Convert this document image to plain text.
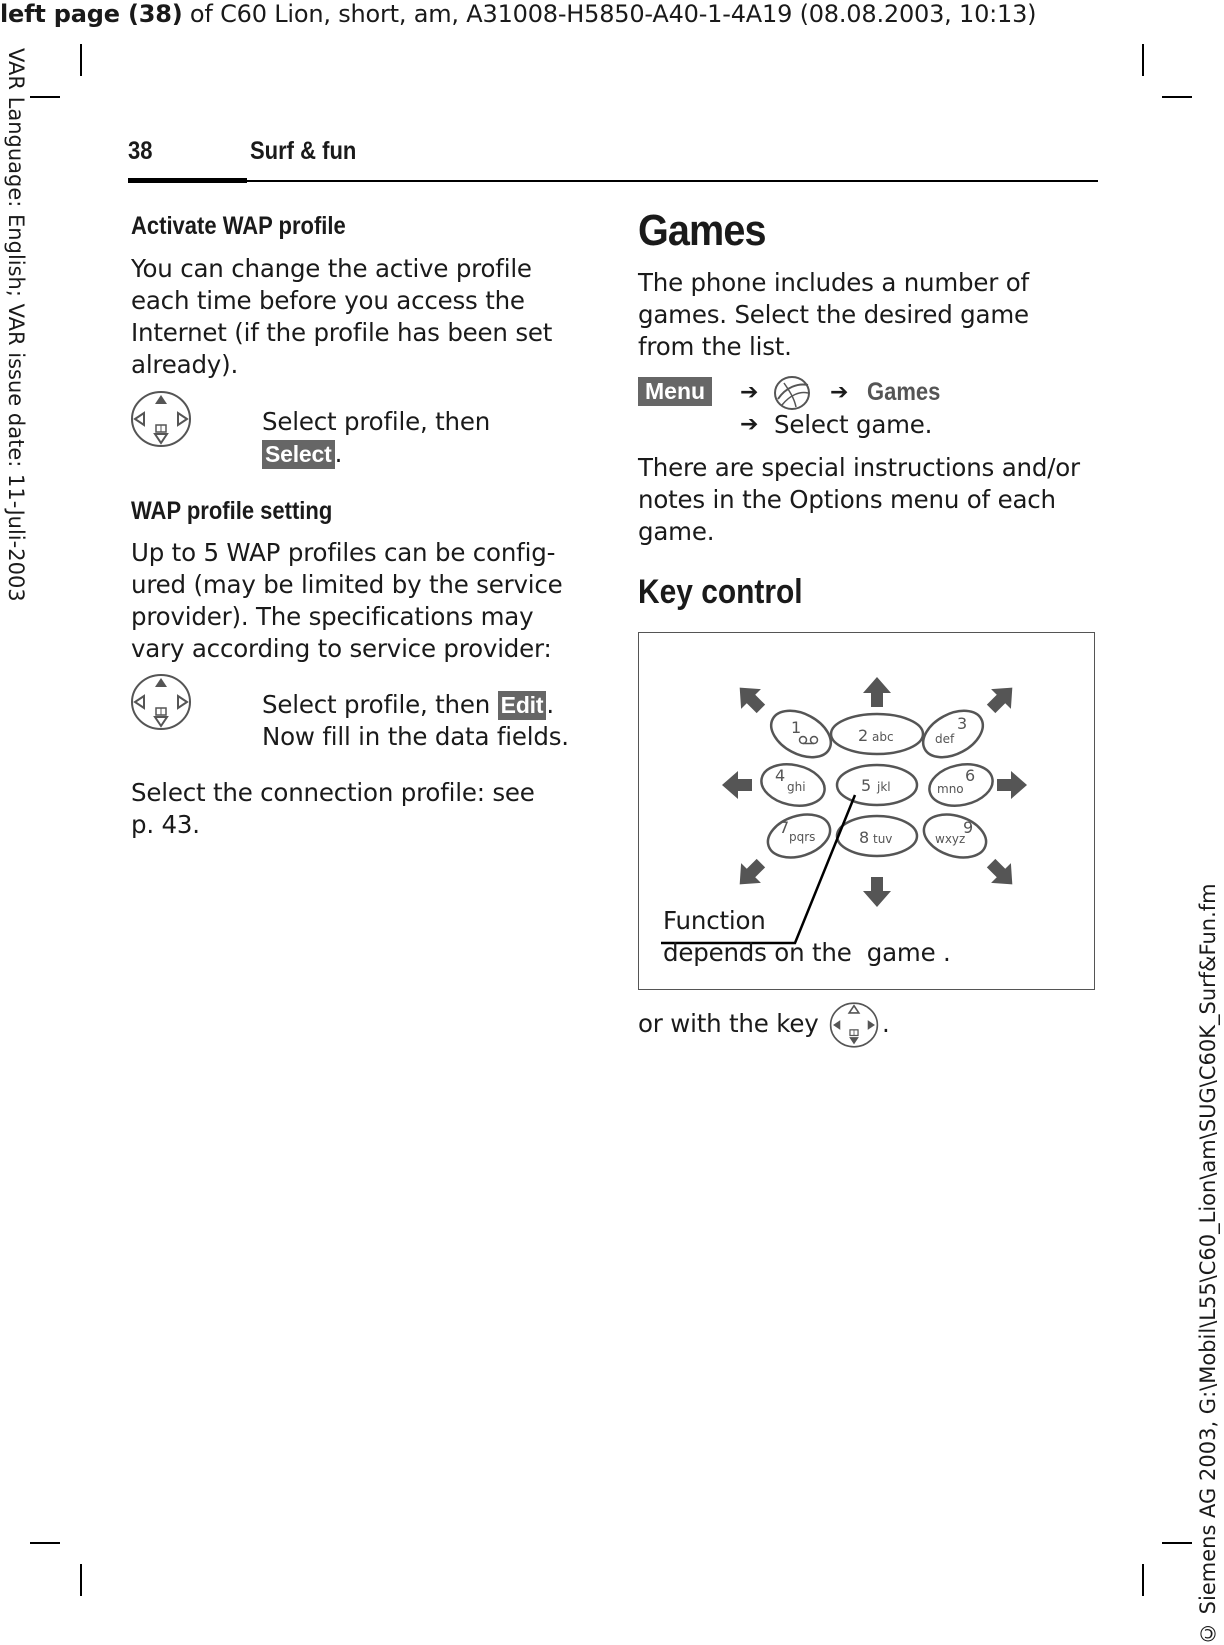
left page (38) of C60 Lion, short, am, A31008-H5850-A40-1-4A19 (08.08.2003, 10:13)
VAR Language: English; VAR issue date: 11-Juli-2003
© Siemens AG 2003, G:\Mobil\L55\C60_Lion\am\SUG\C60K_Surf&Fun.fm
38	Surf & fun
Activate WAP profile
You can change the active profile each time before you access the Internet (if the profile has been set already).
Select profile, then
Select .
WAP profile setting
Up to 5 WAP profiles can be configured (may be limited by the service provider). The specifications may vary according to service provider:
Select profile, then Edit .
Now fill in the data fields.
Select the connection profile: see p. 43.
Games
The phone includes a number of games. Select the desired game from the list.
Menu	➔	➔ Games
➔ Select game.
There are special instructions and/or notes in the Options menu of each game.
Key control
1	2 abc
3
def
4
ghi	5 jkl
6
mno
7 pqrs	8 tuv
9
wxyz
Function
depends on the  game .
or with the key	.
